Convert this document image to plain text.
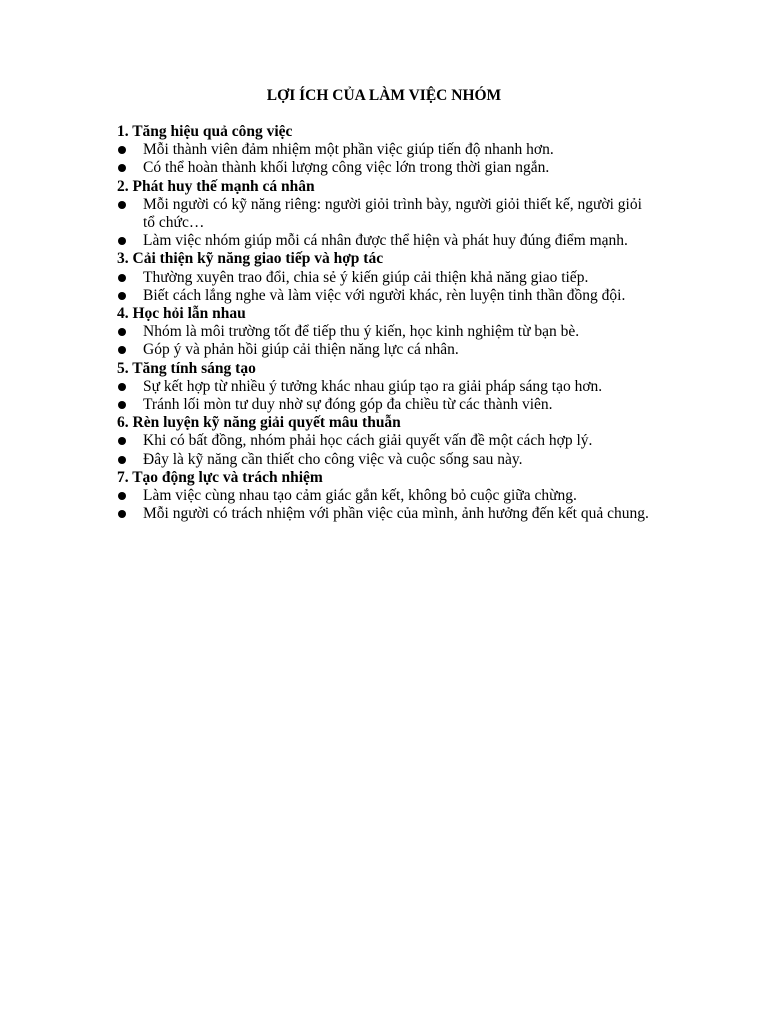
LỢI ÍCH CỦA LÀM VIỆC NHÓM

1. Tăng hiệu quả công việc

Mỗi thành viên đảm nhiệm một phần việc giúp tiến độ nhanh hơn.
Có thể hoàn thành khối lượng công việc lớn trong thời gian ngắn.

2. Phát huy thế mạnh cá nhân

Mỗi người có kỹ năng riêng: người giỏi trình bày, người giỏi thiết kế, người giỏi tổ chức…
Làm việc nhóm giúp mỗi cá nhân được thể hiện và phát huy đúng điểm mạnh.

3. Cải thiện kỹ năng giao tiếp và hợp tác

Thường xuyên trao đổi, chia sẻ ý kiến giúp cải thiện khả năng giao tiếp.
Biết cách lắng nghe và làm việc với người khác, rèn luyện tinh thần đồng đội.

4. Học hỏi lẫn nhau

Nhóm là môi trường tốt để tiếp thu ý kiến, học kinh nghiệm từ bạn bè.
Góp ý và phản hồi giúp cải thiện năng lực cá nhân.

5. Tăng tính sáng tạo

Sự kết hợp từ nhiều ý tưởng khác nhau giúp tạo ra giải pháp sáng tạo hơn.
Tránh lối mòn tư duy nhờ sự đóng góp đa chiều từ các thành viên.

6. Rèn luyện kỹ năng giải quyết mâu thuẫn

Khi có bất đồng, nhóm phải học cách giải quyết vấn đề một cách hợp lý.
Đây là kỹ năng cần thiết cho công việc và cuộc sống sau này.

7. Tạo động lực và trách nhiệm

Làm việc cùng nhau tạo cảm giác gắn kết, không bỏ cuộc giữa chừng.
Mỗi người có trách nhiệm với phần việc của mình, ảnh hưởng đến kết quả chung.
